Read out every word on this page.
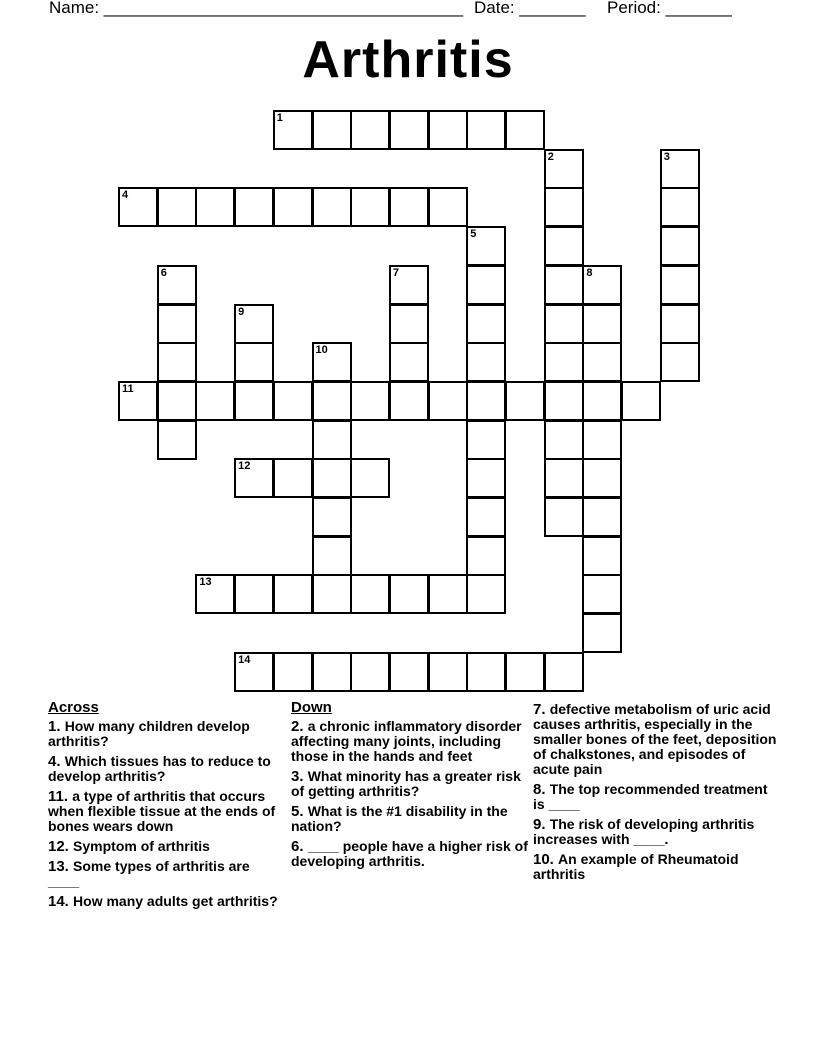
Name: ______________________________________ Date: _______ Period: _______
Arthritis
1
2	3
4
5
6	7	8
9
10
11
12
13
14
Across
1. How many children develop arthritis?
4. Which tissues has to reduce to develop arthritis?
11. a type of arthritis that occurs when flexible tissue at the ends of bones wears down
12. Symptom of arthritis
13. Some types of arthritis are ____
14. How many adults get arthritis?
Down
2. a chronic inflammatory disorder affecting many joints, including those in the hands and feet
3. What minority has a greater risk of getting arthritis?
5. What is the #1 disability in the nation?
6. ____ people have a higher risk of developing arthritis.
7. defective metabolism of uric acid causes arthritis, especially in the smaller bones of the feet, deposition of chalkstones, and episodes of acute pain
8. The top recommended treatment is ____
9. The risk of developing arthritis increases with ____.
10. An example of Rheumatoid arthritis
